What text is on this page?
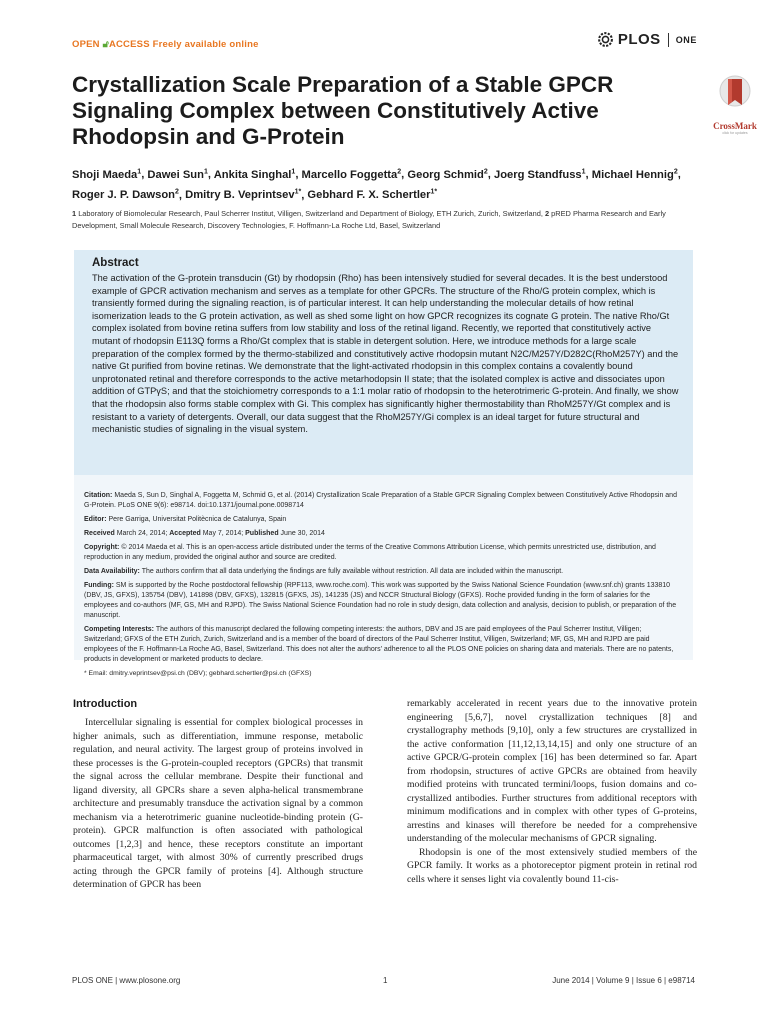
OPEN 🔓︎ACCESS Freely available online	PLOS ONE
Crystallization Scale Preparation of a Stable GPCR Signaling Complex between Constitutively Active Rhodopsin and G-Protein	CrossMark
click for updates

Shoji Maeda$^1$, Dawei Sun$^1$, Ankita Singhal$^1$, Marcello Foggetta$^2$, Georg Schmid$^2$, Joerg Standfuss$^1$, Michael Hennig$^2$, Roger J. P. Dawson$^2$, Dmitry B. Veprintsev$^{1*}$, Gebhard F. X. Schertler$^{1*}$

1 Laboratory of Biomolecular Research, Paul Scherrer Institut, Villigen, Switzerland and Department of Biology, ETH Zurich, Zurich, Switzerland, 2 pRED Pharma Research and Early Development, Small Molecule Research, Discovery Technologies, F. Hoffmann-La Roche Ltd, Basel, Switzerland

Abstract

The activation of the G-protein transducin (Gt) by rhodopsin (Rho) has been intensively studied for several decades. It is the best understood example of GPCR activation mechanism and serves as a template for other GPCRs. The structure of the Rho/G protein complex, which is transiently formed during the signaling reaction, is of particular interest. It can help understanding the molecular details of how retinal isomerization leads to the G protein activation, as well as shed some light on how GPCR recognizes its cognate G protein. The native Rho/Gt complex isolated from bovine retina suffers from low stability and loss of the retinal ligand. Recently, we reported that constitutively active mutant of rhodopsin E113Q forms a Rho/Gt complex that is stable in detergent solution. Here, we introduce methods for a large scale preparation of the complex formed by the thermo-stabilized and constitutively active rhodopsin mutant N2C/M257Y/D282C(RhoM257Y) and the native Gt purified from bovine retinas. We demonstrate that the light-activated rhodopsin in this complex contains a covalently bound unprotonated retinal and therefore corresponds to the active metarhodopsin II state; that the isolated complex is active and dissociates upon addition of GTPγS; and that the stoichiometry corresponds to a 1:1 molar ratio of rhodopsin to the heterotrimeric G-protein. And finally, we show that the rhodopsin also forms stable complex with Gi. This complex has significantly higher thermostability than RhoM257Y/Gt complex and is resistant to a variety of detergents. Overall, our data suggest that the RhoM257Y/Gi complex is an ideal target for future structural and mechanistic studies of signaling in the visual system.

Citation: Maeda S, Sun D, Singhal A, Foggetta M, Schmid G, et al. (2014) Crystallization Scale Preparation of a Stable GPCR Signaling Complex between Constitutively Active Rhodopsin and G-Protein. PLoS ONE 9(6): e98714. doi:10.1371/journal.pone.0098714

Editor: Pere Garriga, Universitat Politècnica de Catalunya, Spain

Received March 24, 2014; Accepted May 7, 2014; Published June 30, 2014

Copyright: © 2014 Maeda et al. This is an open-access article distributed under the terms of the Creative Commons Attribution License, which permits unrestricted use, distribution, and reproduction in any medium, provided the original author and source are credited.

Data Availability: The authors confirm that all data underlying the findings are fully available without restriction. All data are included within the manuscript.

Funding: SM is supported by the Roche postdoctoral fellowship (RPF113, www.roche.com). This work was supported by the Swiss National Science Foundation (www.snf.ch) grants 133810 (DBV, JS, GFXS), 135754 (DBV), 141898 (DBV, GFXS), 132815 (GFXS, JS), 141235 (JS) and NCCR Structural Biology (GFXS). Roche provided funding in the form of salaries for the employees and co-authors (MF, GS, MH and RJPD). The Swiss National Science Foundation had no role in study design, data collection and analysis, decision to publish, or preparation of the manuscript.

Competing Interests: The authors of this manuscript declared the following competing interests: the authors, DBV and JS are paid employees of the Paul Scherrer Institut, Villigen; Switzerland; GFXS of the ETH Zurich, Zurich, Switzerland and is a member of the board of directors of the Paul Scherrer Institut, Villigen, Switzerland; MF, GS, MH and RJPD are paid employees of the F. Hoffmann-La Roche AG, Basel, Switzerland. This does not alter the authors' adherence to all the PLOS ONE policies on sharing data and materials. There are no patents, products in development or marketed products to declare.

* Email: dmitry.veprintsev@psi.ch (DBV); gebhard.schertler@psi.ch (GFXS)

Introduction

Intercellular signaling is essential for complex biological processes in higher animals, such as differentiation, immune response, metabolic regulation, and neural activity. The largest group of proteins involved in these processes is the G-protein-coupled receptors (GPCRs) that transmit the signal across the cellular membrane. Despite their functional and ligand diversity, all GPCRs share a seven alpha-helical transmembrane architecture and presumably transduce the activation signal by a common mechanism via a heterotrimeric guanine nucleotide-binding protein (G-protein). GPCR malfunction is often associated with pathological outcomes [1,2,3] and hence, these receptors constitute an important pharmaceutical target, with almost 30% of currently prescribed drugs acting through the GPCR family of proteins [4]. Although structure determination of GPCR has been

remarkably accelerated in recent years due to the innovative protein engineering [5,6,7], novel crystallization techniques [8] and crystallography methods [9,10], only a few structures are crystallized in the active conformation [11,12,13,14,15] and only one structure of an active GPCR/G-protein complex [16] has been determined so far. Apart from rhodopsin, structures of active GPCRs are obtained from heavily modified proteins with truncated termini/loops, fusion domains and co-crystallized antibodies. Further structures from additional receptors with minimum modifications and in complex with other types of G-proteins, arrestins and kinases will therefore be needed for a comprehensive understanding of the molecular mechanisms of GPCR signaling.

Rhodopsin is one of the most extensively studied members of the GPCR family. It works as a photoreceptor pigment protein in retinal rod cells where it senses light via covalently bound 11-cis-

PLOS ONE | www.plosone.org	1	June 2014 | Volume 9 | Issue 6 | e98714
